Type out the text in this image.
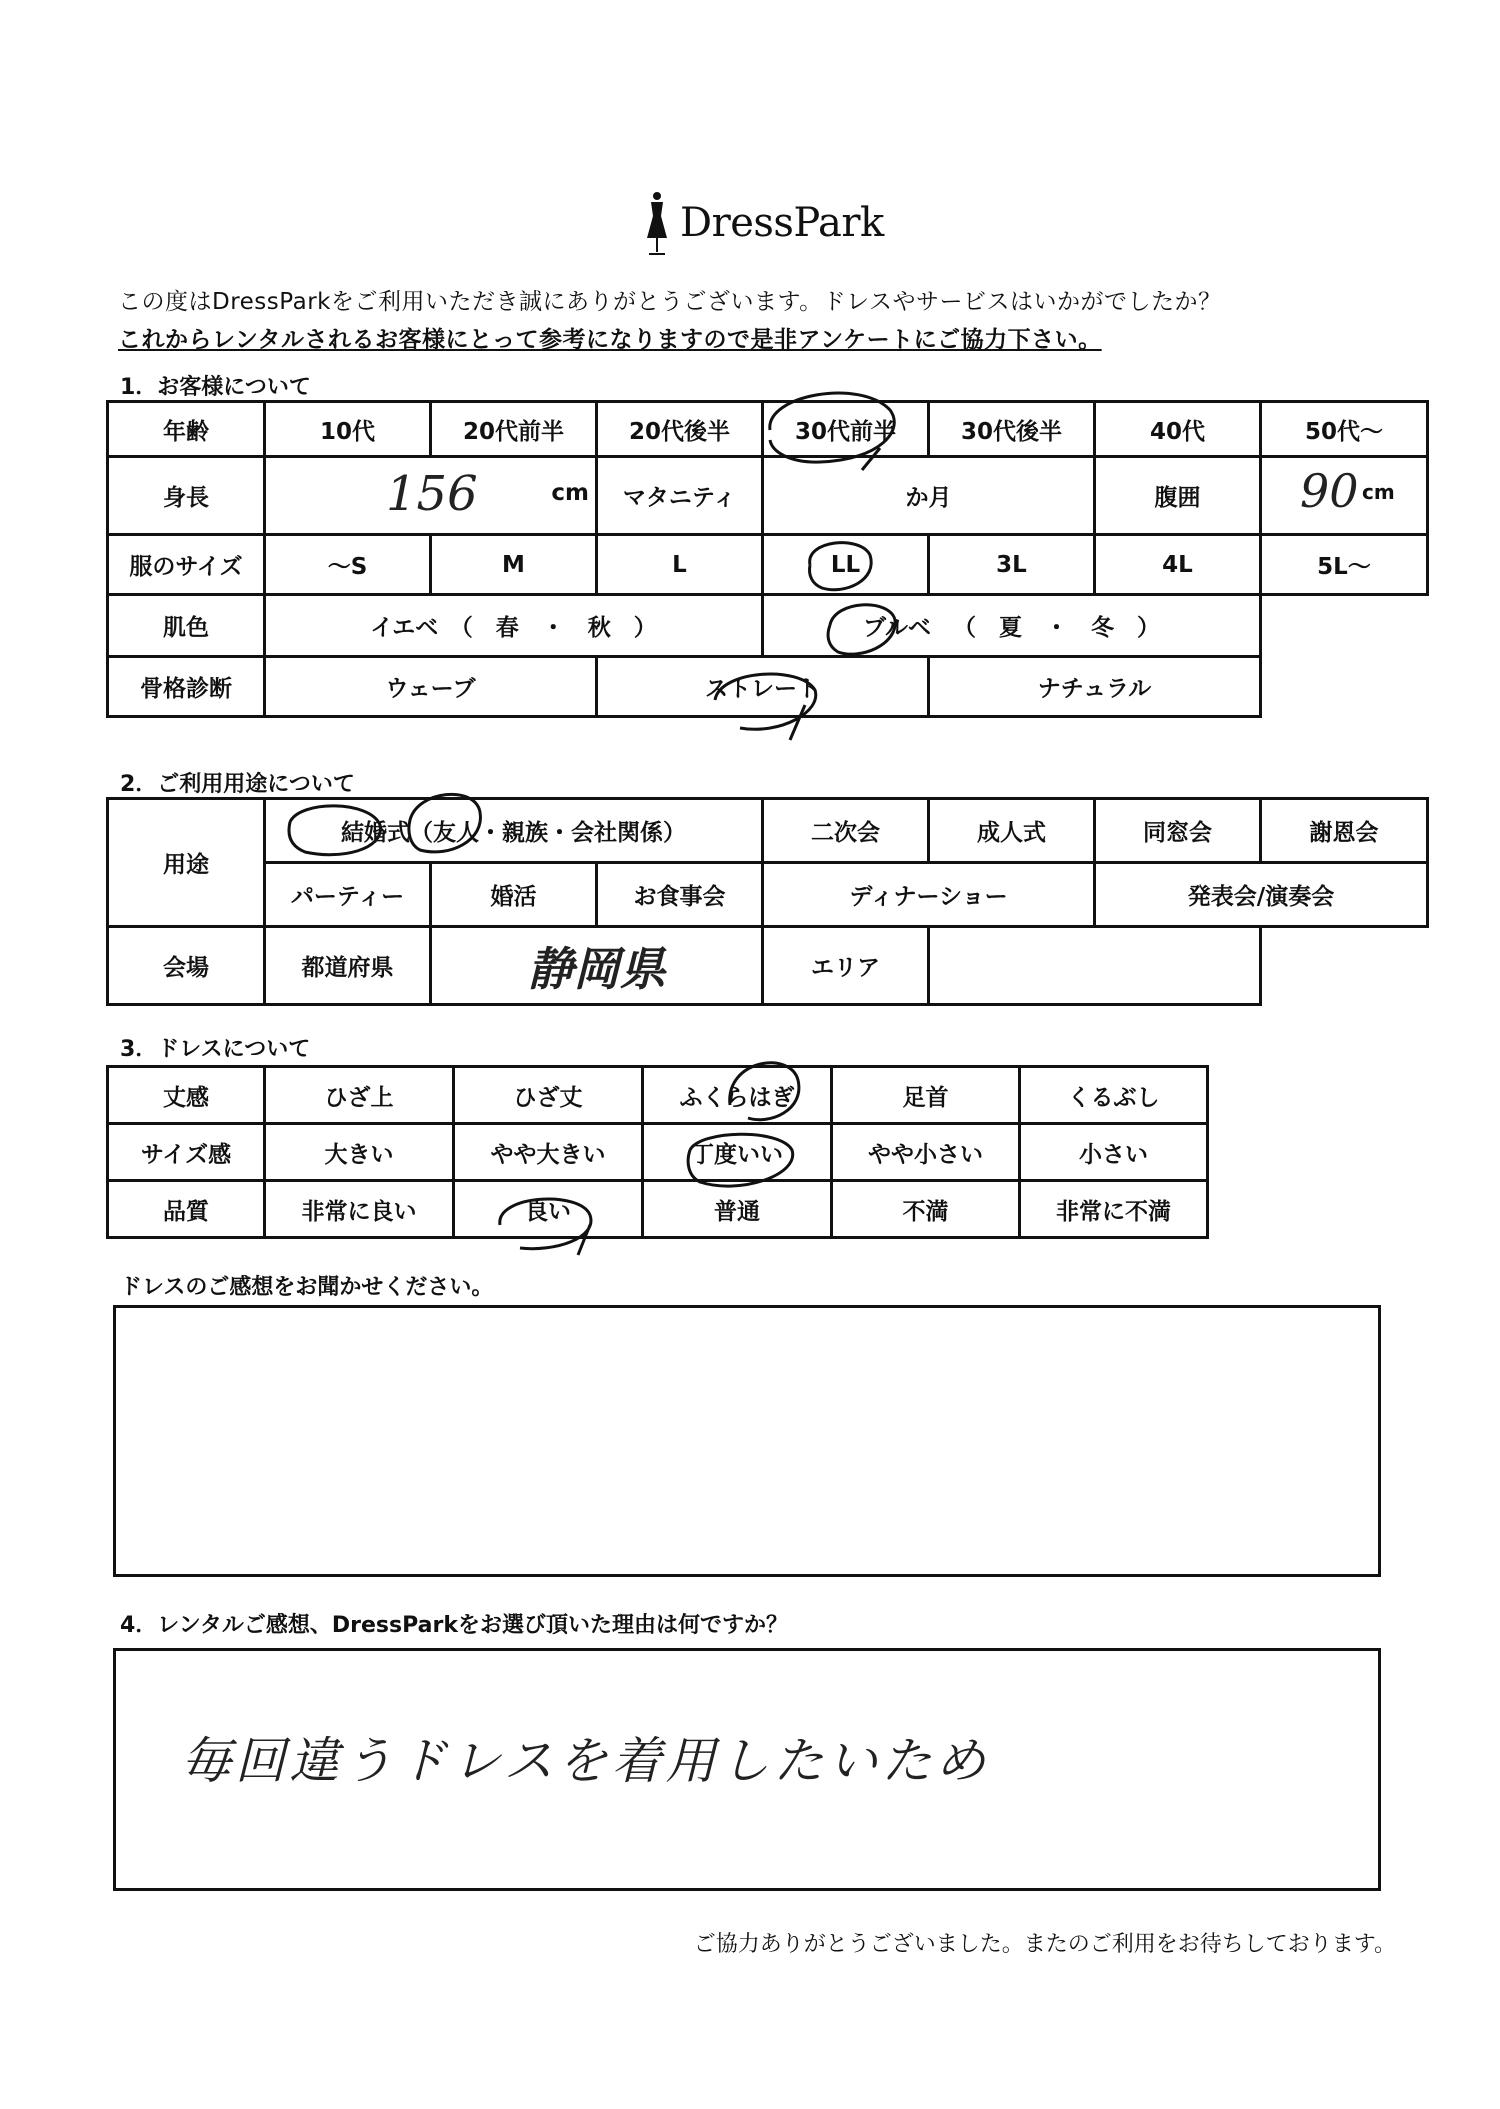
DressPark
この度はDressParkをご利用いただき誠にありがとうございます。ドレスやサービスはいかがでしたか？
これからレンタルされるお客様にとって参考になりますので是非アンケートにご協力下さい。
1．お客様について
年齢	10代	20代前半	20代後半	30代前半	30代後半	40代	50代～
身長	156 cm		マタニティ	か月		腹囲	90 cm

服のサイズ	～S	M	L	LL	3L	4L	5L～
肌色	イエベ　（　春　・　秋　）			ブルベ （　夏　・　冬　）			
骨格診断	ウェーブ		ストレート		ナチュラル		
2．ご利用用途について
用途	結婚式（友人・親族・会社関係）			二次会	成人式	同窓会	謝恩会
	パーティー	婚活	お食事会	ディナーショー		発表会/演奏会	
会場	都道府県	静岡県		エリア			
3．ドレスについて
丈感	ひざ上	ひざ丈	ふくらはぎ	足首	くるぶし
サイズ感	大きい	やや大きい	丁度いい	やや小さい	小さい
品質	非常に良い	良い	普通	不満	非常に不満
ドレスのご感想をお聞かせください。
4．レンタルご感想、DressParkをお選び頂いた理由は何ですか？
毎回違うドレスを着用したいため
ご協力ありがとうございました。またのご利用をお待ちしております。
